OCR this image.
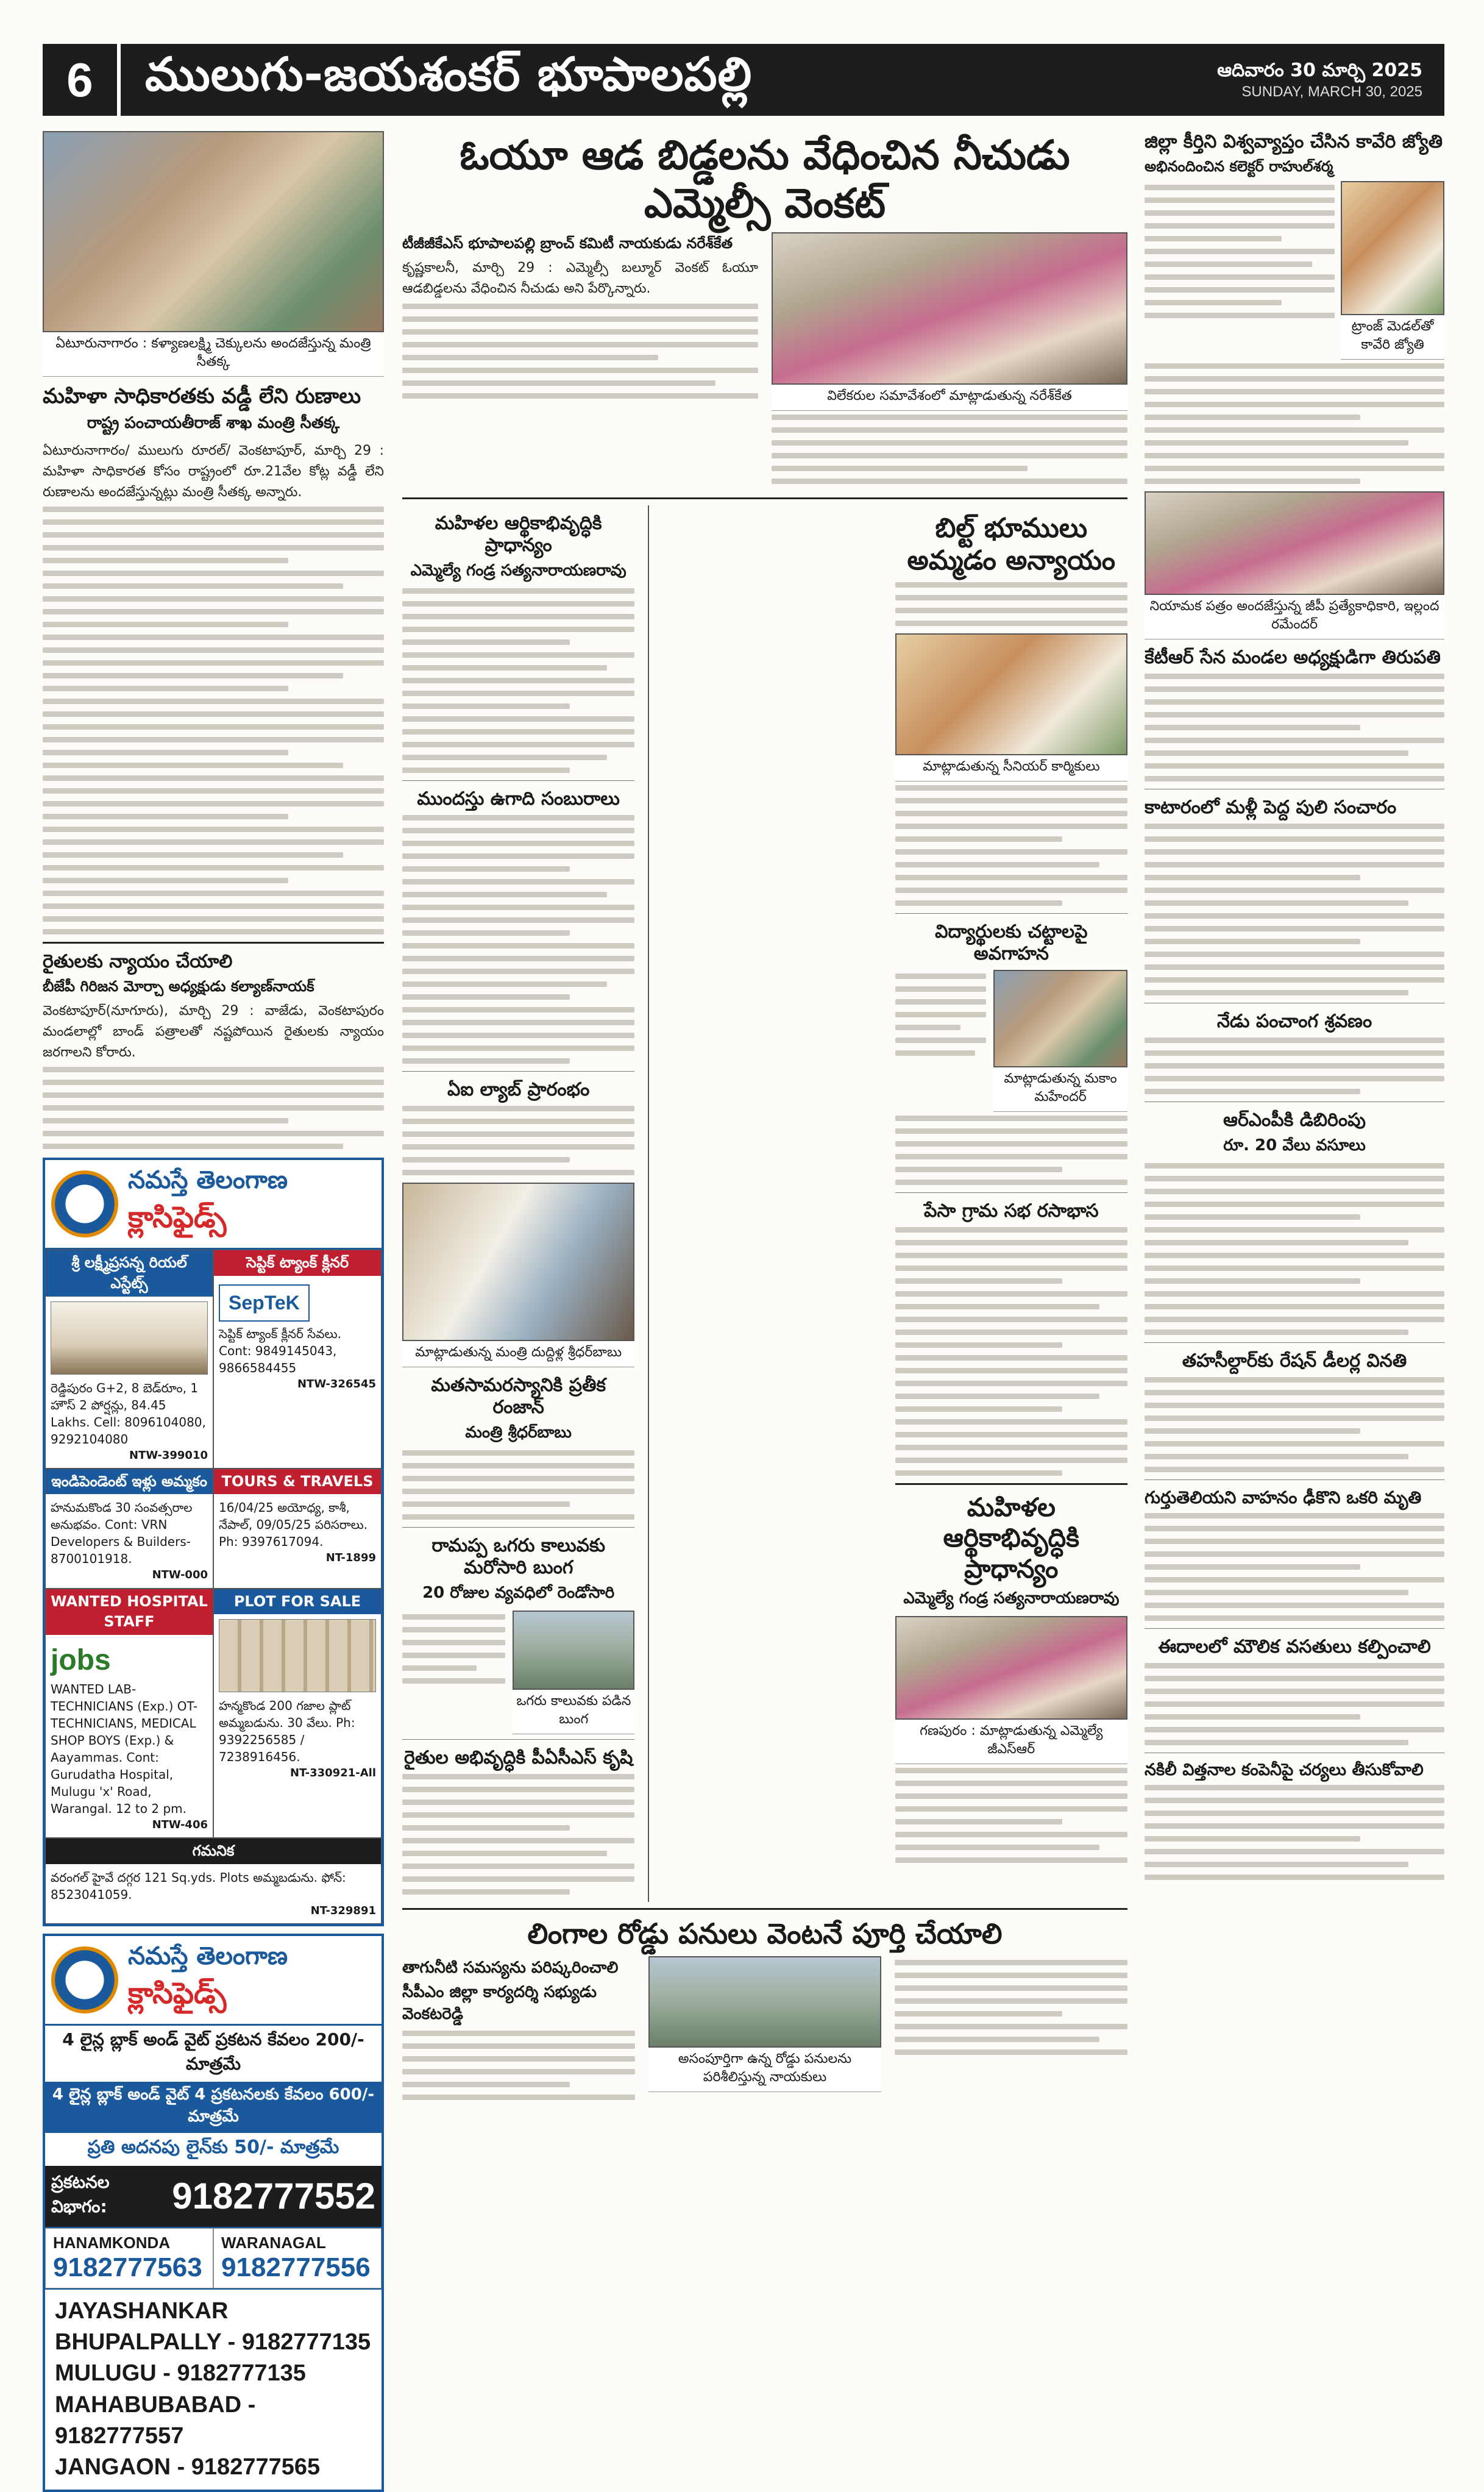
6	ములుగు-జయశంకర్ భూపాలపల్లి	ఆదివారం 30 మార్చి 2025
SUNDAY, MARCH 30, 2025
ఏటూరునాగారం : కళ్యాణలక్ష్మి చెక్కులను అందజేస్తున్న మంత్రి సీతక్క
మహిళా సాధికారతకు వడ్డీ లేని రుణాలు
రాష్ట్ర పంచాయతీరాజ్ శాఖ మంత్రి సీతక్క
ఏటూరునాగారం/ ములుగు రూరల్/ వెంకటాపూర్, మార్చి 29 : మహిళా సాధికారత కోసం రాష్ట్రంలో రూ.21వేల కోట్ల వడ్డీ లేని రుణాలను అందజేస్తున్నట్లు మంత్రి సీతక్క అన్నారు.
రైతులకు న్యాయం చేయాలి
బీజేపీ గిరిజన మోర్చా అధ్యక్షుడు కల్యాణ్‌నాయక్
వెంకటాపూర్(నూగూరు), మార్చి 29 : వాజేడు, వెంకటాపురం మండలాల్లో బాండ్ పత్రాలతో నష్టపోయిన రైతులకు న్యాయం జరగాలని కోరారు.
నమస్తే తెలంగాణ
క్లాసిఫైడ్స్
శ్రీ లక్ష్మీప్రసన్న రియల్ ఎస్టేట్స్
రెడ్డిపురం G+2, 8 బెడ్‌రూం, 1 హౌస్ 2 పోర్షన్లు, 84.45 Lakhs. Cell: 8096104080, 9292104080
NTW-399010
సెప్టిక్ ట్యాంక్ క్లీనర్
SepTeK
సెప్టిక్ ట్యాంక్ క్లీనర్ సేవలు. Cont: 9849145043, 9866584455
NTW-326545
ఇండిపెండెంట్ ఇళ్లు అమ్మకం
హనుమకొండ 30 సంవత్సరాల అనుభవం. Cont: VRN Developers & Builders- 8700101918.
NTW-000
TOURS & TRAVELS
16/04/25 అయోధ్య, కాశీ, నేపాల్, 09/05/25 పరిసరాలు. Ph: 9397617094.
NT-1899
WANTED HOSPITAL STAFF
jobs
WANTED LAB-TECHNICIANS (Exp.) OT-TECHNICIANS, MEDICAL SHOP BOYS (Exp.) & Aayammas. Cont: Gurudatha Hospital, Mulugu 'x' Road, Warangal. 12 to 2 pm.
NTW-406
PLOT FOR SALE
హన్మకొండ 200 గజాల ప్లాట్ అమ్మబడును. 30 వేలు. Ph: 9392256585 / 7238916456.
NT-330921-All
గమనిక
వరంగల్ హైవే దగ్గర 121 Sq.yds. Plots అమ్మబడును. ఫోన్: 8523041059.
NT-329891
నమస్తే తెలంగాణ
క్లాసిఫైడ్స్
4 లైన్ల బ్లాక్ అండ్ వైట్ ప్రకటన కేవలం 200/- మాత్రమే
4 లైన్ల బ్లాక్ అండ్ వైట్ 4 ప్రకటనలకు కేవలం 600/- మాత్రమే
ప్రతి అదనపు లైన్‌కు 50/- మాత్రమే
ప్రకటనల విభాగం:	9182777552
HANAMKONDA
9182777563
WARANAGAL
9182777556
JAYASHANKAR BHUPALPALLY - 9182777135
MULUGU - 9182777135
MAHABUBABAD - 9182777557
JANGAON - 9182777565
ఓయూ ఆడ బిడ్డలను వేధించిన నీచుడు ఎమ్మెల్సీ వెంకట్
టీజీజీకేఎస్ భూపాలపల్లి బ్రాంచ్ కమిటీ నాయకుడు నరేశ్‌కేత
కృష్ణకాలనీ, మార్చి 29 : ఎమ్మెల్సీ బల్మూర్ వెంకట్ ఓయూ ఆడబిడ్డలను వేధించిన నీచుడు అని పేర్కొన్నారు.
విలేకరుల సమావేశంలో మాట్లాడుతున్న నరేశ్‌కేత
మహిళల ఆర్థికాభివృద్ధికి ప్రాధాన్యం
ఎమ్మెల్యే గండ్ర సత్యనారాయణరావు
ముందస్తు ఉగాది సంబురాలు
ఏఐ ల్యాబ్ ప్రారంభం
మాట్లాడుతున్న మంత్రి దుద్దిళ్ల శ్రీధర్‌బాబు
మతసామరస్యానికి ప్రతీక రంజాన్
మంత్రి శ్రీధర్‌బాబు
రామప్ప ఒగరు కాలువకు మరోసారి బుంగ
20 రోజుల వ్యవధిలో రెండోసారి
ఒగరు కాలువకు పడిన బుంగ
రైతుల అభివృద్ధికి పీఏసీఎస్ కృషి
బిల్ట్ భూములు అమ్మడం అన్యాయం
మాట్లాడుతున్న సీనియర్ కార్మికులు
విద్యార్థులకు చట్టాలపై అవగాహన
మాట్లాడుతున్న మకాం మహేందర్
పేసా గ్రామ సభ రసాభాస
మహిళల ఆర్థికాభివృద్ధికి ప్రాధాన్యం
ఎమ్మెల్యే గండ్ర సత్యనారాయణరావు
గణపురం : మాట్లాడుతున్న ఎమ్మెల్యే జీఎస్‌ఆర్
లింగాల రోడ్డు పనులు వెంటనే పూర్తి చేయాలి
తాగునీటి సమస్యను పరిష్కరించాలి
సీపీఎం జిల్లా కార్యదర్శి సభ్యుడు వెంకటరెడ్డి
అసంపూర్తిగా ఉన్న రోడ్డు పనులను పరిశీలిస్తున్న నాయకులు
జిల్లా కీర్తిని విశ్వవ్యాప్తం చేసిన కావేరి జ్యోతి
అభినందించిన కలెక్టర్ రాహుల్‌శర్మ
ట్రాంజ్ మెడల్‌తో కావేరి జ్యోతి
నియామక పత్రం అందజేస్తున్న జీపీ ప్రత్యేకాధికారి, ఇల్లంద రమేందర్
కేటీఆర్ సేన మండల అధ్యక్షుడిగా తిరుపతి
కాటారంలో మళ్లీ పెద్ద పులి సంచారం
నేడు పంచాంగ శ్రవణం
ఆర్‌ఎంపీకి డిబిరింపు
రూ. 20 వేలు వసూలు
తహసీల్దార్‌కు రేషన్ డీలర్ల వినతి
గుర్తుతెలియని వాహనం ఢీకొని ఒకరి మృతి
ఈదాలలో మౌలిక వసతులు కల్పించాలి
నకిలీ విత్తనాల కంపెనీపై చర్యలు తీసుకోవాలి
